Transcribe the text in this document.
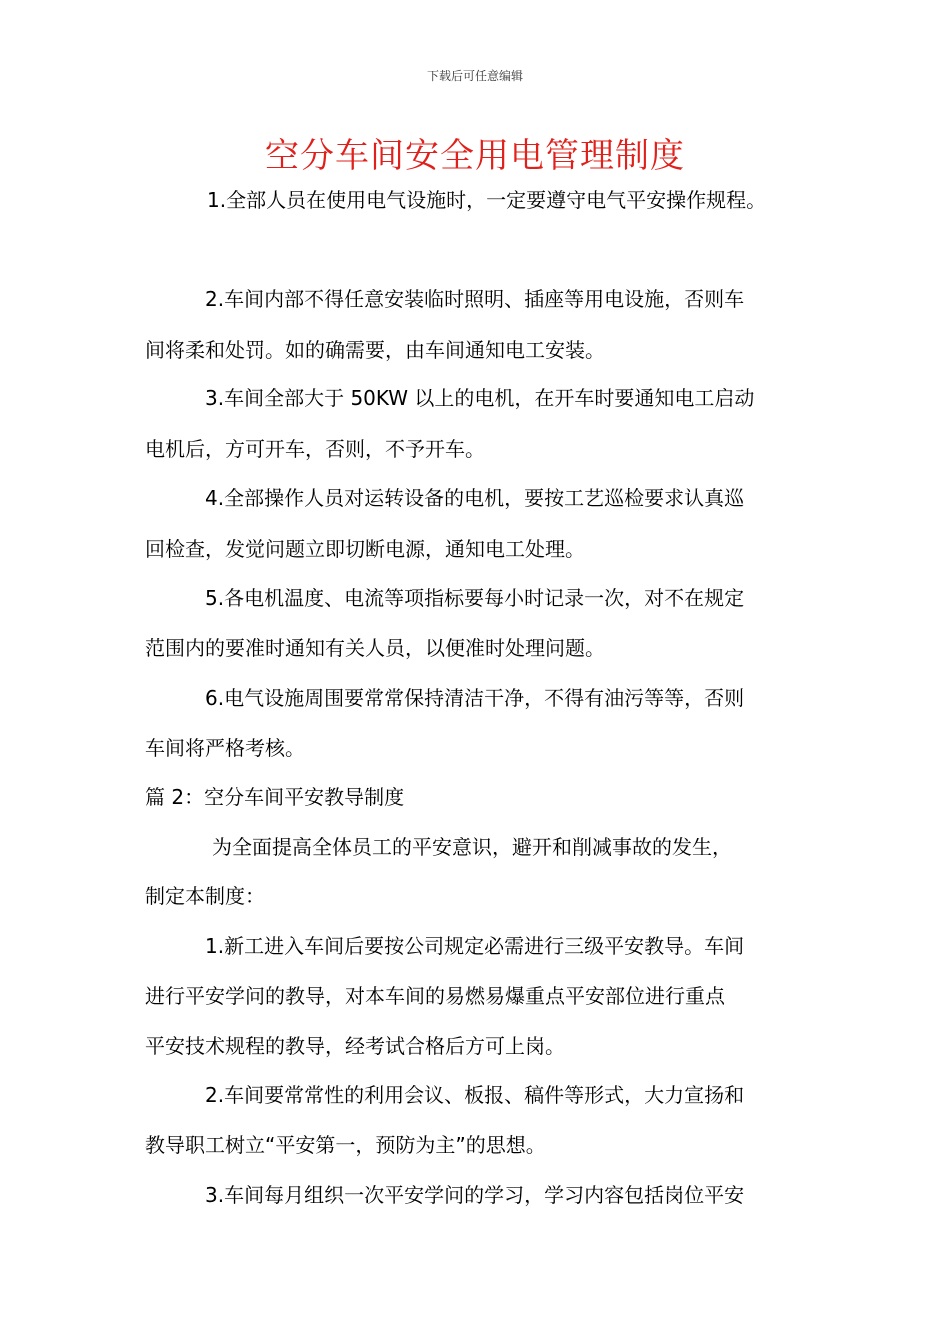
下载后可任意编辑
空分车间安全用电管理制度
1.全部人员在使用电气设施时，一定要遵守电气平安操作规程。
2.车间内部不得任意安装临时照明、插座等用电设施，否则车
间将柔和处罚。如的确需要，由车间通知电工安装。
3.车间全部大于 50KW 以上的电机，在开车时要通知电工启动
电机后，方可开车，否则，不予开车。
4.全部操作人员对运转设备的电机，要按工艺巡检要求认真巡
回检查，发觉问题立即切断电源，通知电工处理。
5.各电机温度、电流等项指标要每小时记录一次，对不在规定
范围内的要准时通知有关人员，以便准时处理问题。
6.电气设施周围要常常保持清洁干净，不得有油污等等，否则
车间将严格考核。
篇 2：空分车间平安教导制度
为全面提高全体员工的平安意识，避开和削减事故的发生，
制定本制度：
1.新工进入车间后要按公司规定必需进行三级平安教导。车间
进行平安学问的教导，对本车间的易燃易爆重点平安部位进行重点
平安技术规程的教导，经考试合格后方可上岗。
2.车间要常常性的利用会议、板报、稿件等形式，大力宣扬和
教导职工树立“平安第一，预防为主”的思想。
3.车间每月组织一次平安学问的学习，学习内容包括岗位平安
